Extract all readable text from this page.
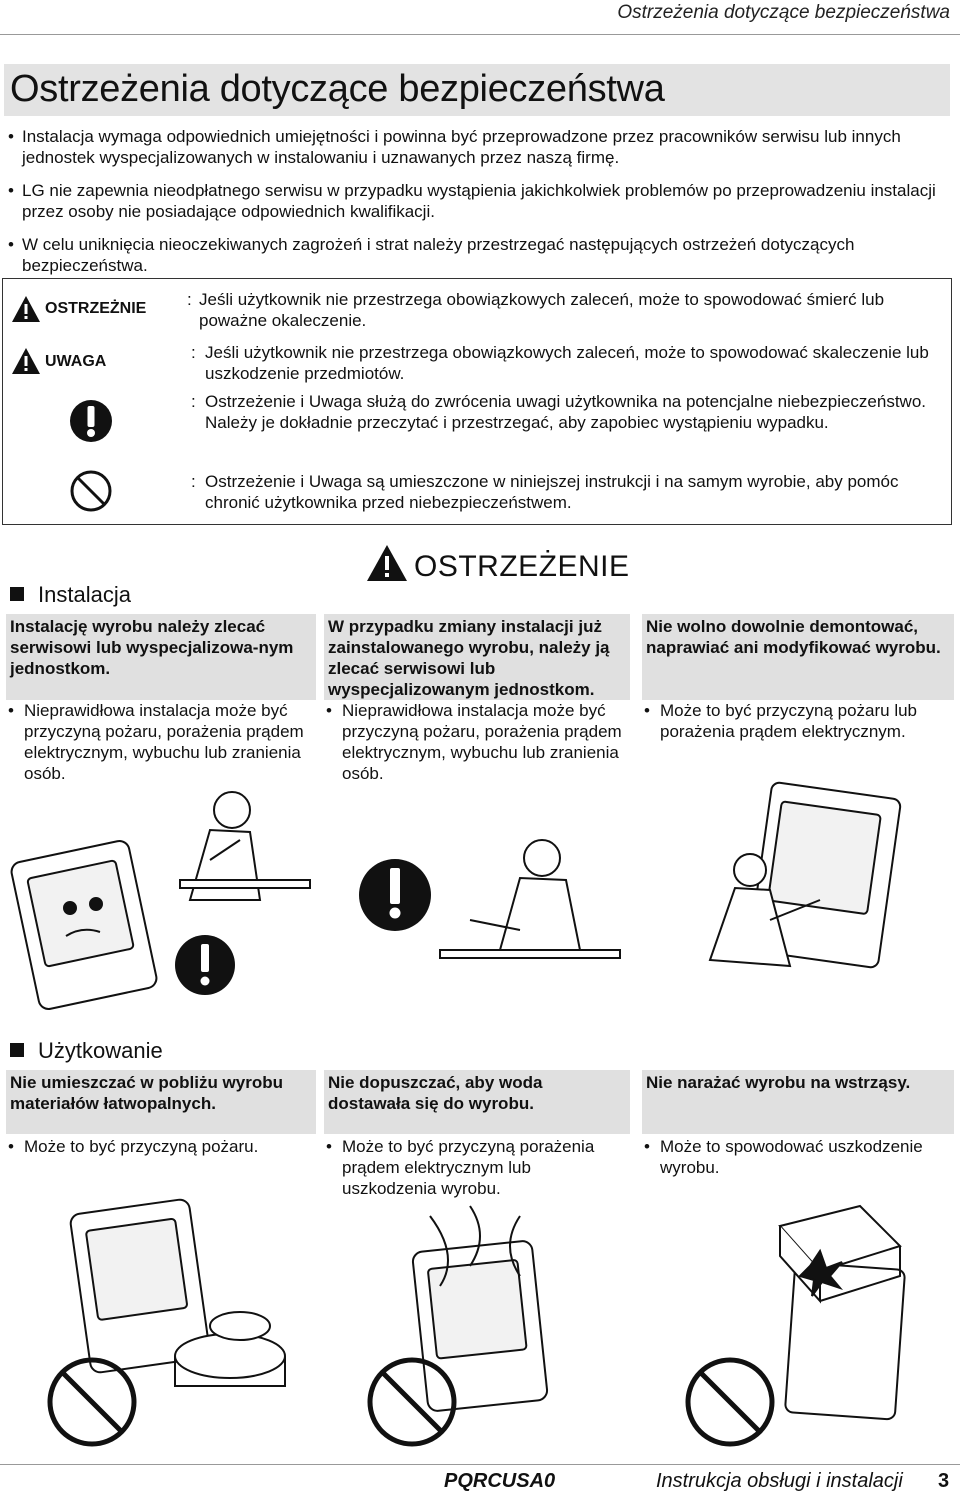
Ostrzeżenia dotyczące bezpieczeństwa
Ostrzeżenia dotyczące bezpieczeństwa
• Instalacja wymaga odpowiednich umiejętności i powinna być przeprowadzone przez pracowników serwisu lub innych jednostek wyspecjalizowanych w instalowaniu i uznawanych przez naszą firmę.
• LG nie zapewnia nieodpłatnego serwisu w przypadku wystąpienia jakichkolwiek problemów po przeprowadzeniu instalacji przez osoby nie posiadające odpowiednich kwalifikacji.
• W celu uniknięcia nieoczekiwanych zagrożeń i strat należy przestrzegać następujących ostrzeżeń dotyczących bezpieczeństwa.
OSTRZEŻNIE
UWAGA
: Jeśli użytkownik nie przestrzega obowiązkowych zaleceń, może to spowodować śmierć lub poważne okaleczenie.
: Jeśli użytkownik nie przestrzega obowiązkowych zaleceń, może to spowodować skaleczenie lub uszkodzenie przedmiotów.
: Ostrzeżenie i Uwaga służą do zwrócenia uwagi użytkownika na potencjalne niebezpieczeństwo. Należy je dokładnie przeczytać i przestrzegać, aby zapobiec wystąpieniu wypadku.
: Ostrzeżenie i Uwaga są umieszczone w niniejszej instrukcji i na samym wyrobie, aby pomóc chronić użytkownika przed niebezpieczeństwem.
OSTRZEŻENIE
Instalacja
Instalację wyrobu należy zlecać serwisowi lub wyspecjalizowa-nym jednostkom.
W przypadku zmiany instalacji już zainstalowanego wyrobu, należy ją zlecać serwisowi lub wyspecjalizowanym jednostkom.
Nie wolno dowolnie demontować, naprawiać ani modyfikować wyrobu.
• Nieprawidłowa instalacja może być przyczyną pożaru, porażenia prądem elektrycznym, wybuchu lub zranienia osób.
• Nieprawidłowa instalacja może być przyczyną pożaru, porażenia prądem elektrycznym, wybuchu lub zranienia osób.
• Może to być przyczyną pożaru lub porażenia prądem elektrycznym.
Użytkowanie
Nie umieszczać w pobliżu wyrobu materiałów łatwopalnych.
Nie dopuszczać, aby woda dostawała się do wyrobu.
Nie narażać wyrobu na wstrząsy.
• Może to być przyczyną pożaru.
•	Może to być przyczyną porażenia prądem elektrycznym lub uszkodzenia wyrobu.
• Może to spowodować uszkodzenie wyrobu.
PQRCUSA0	Instrukcja obsługi i instalacji 3
